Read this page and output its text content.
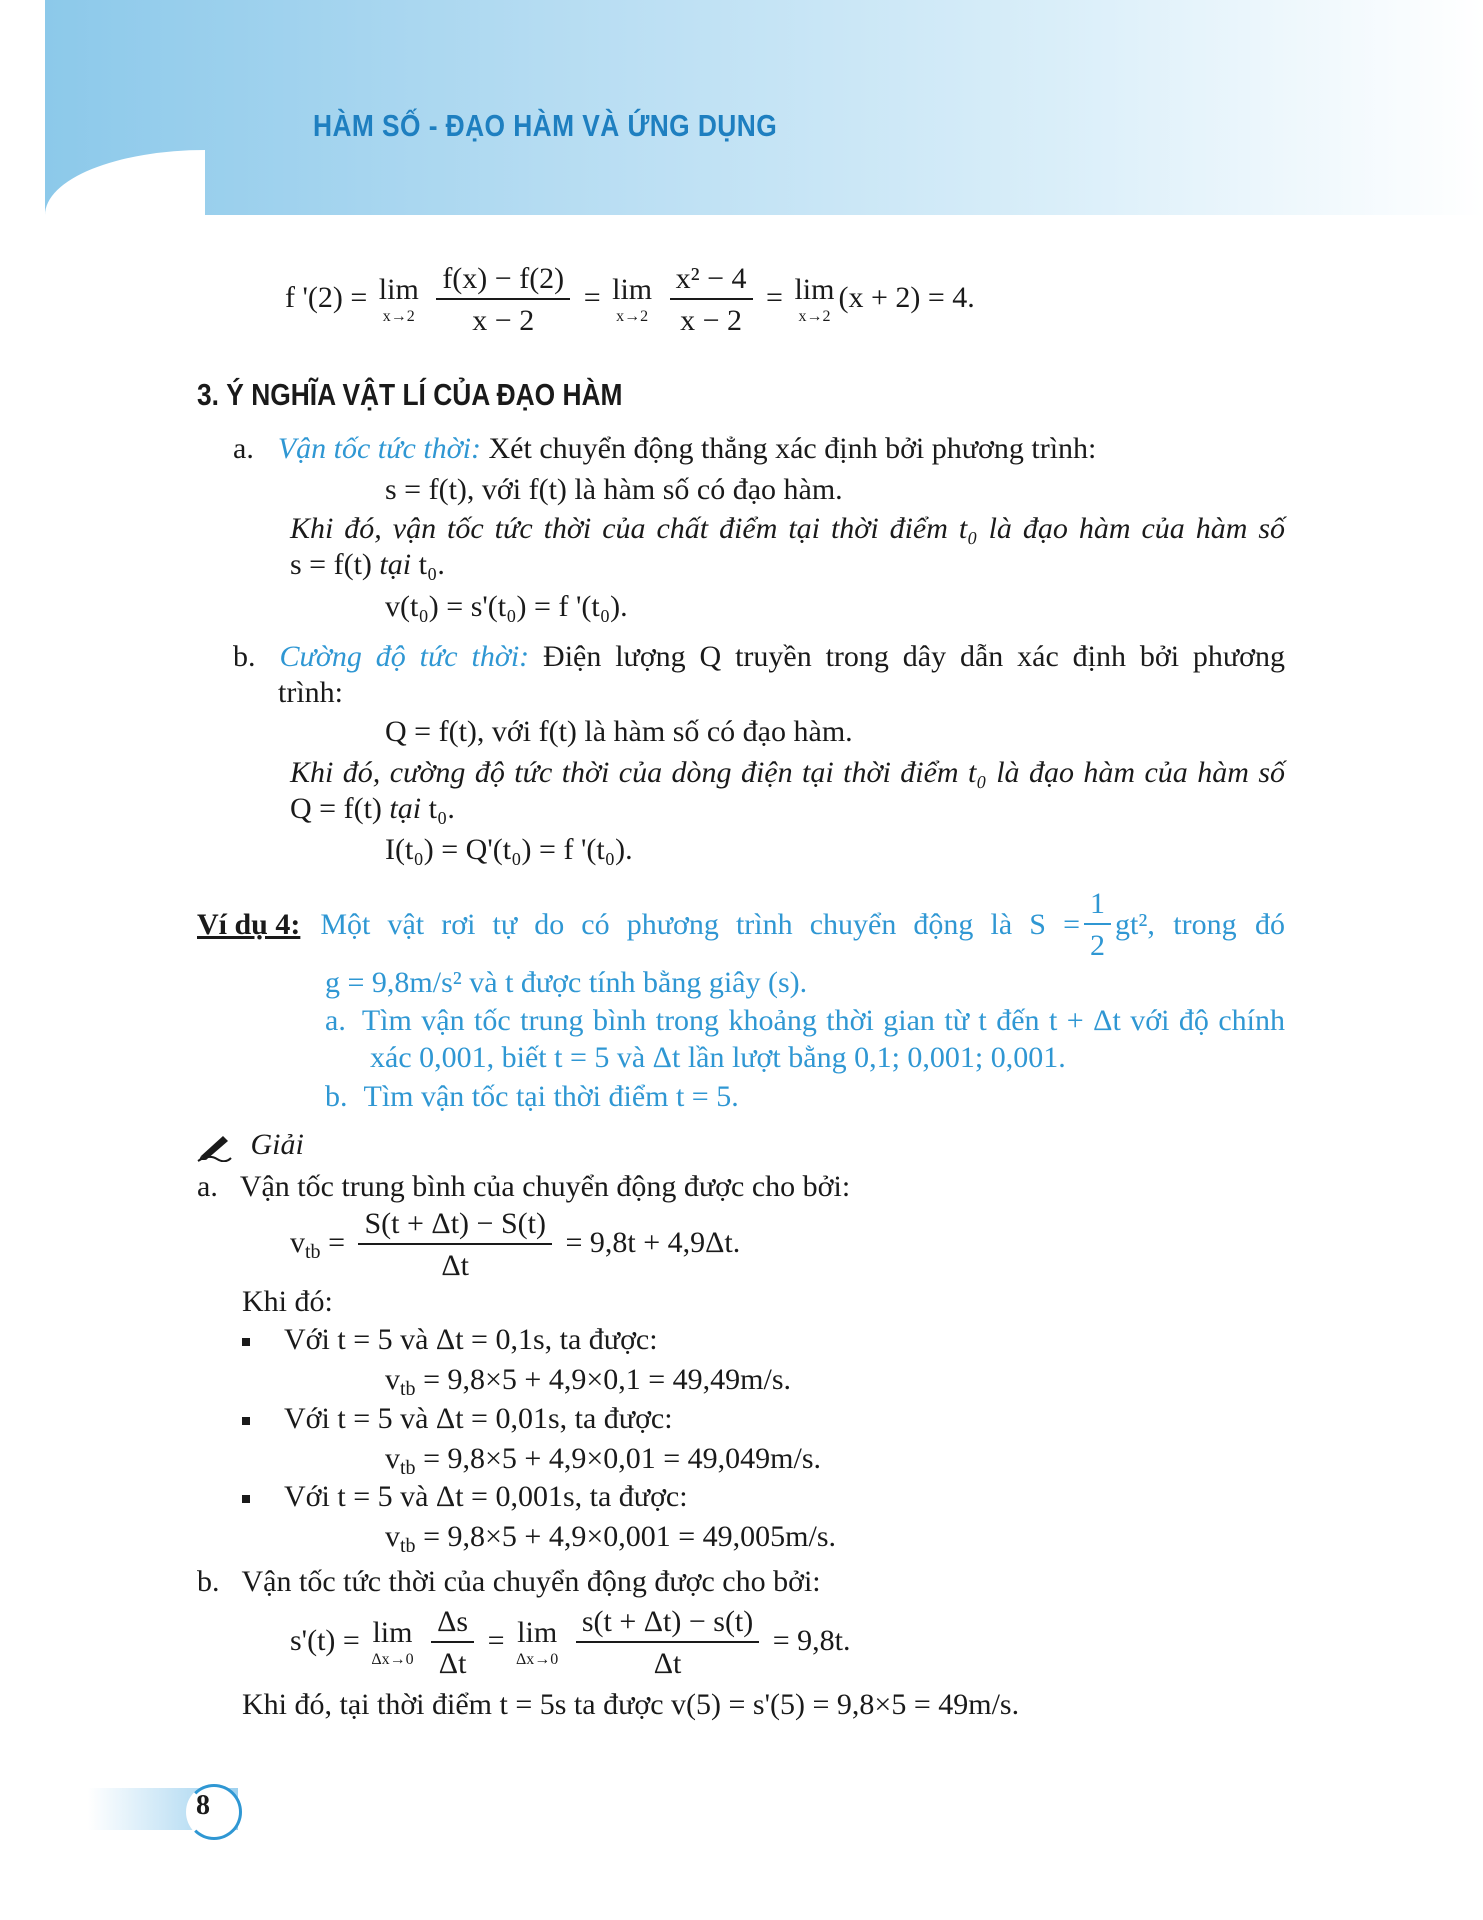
HÀM SỐ - ĐẠO HÀM VÀ ỨNG DỤNG
f '(2) = lim
x→2
$\frac{f(x) - f(2)}{x - 2} = \lim$
x→2
$\frac{\text{x² − 4}}{x - 2} = \lim$
x→2
(x + 2) = 4.
3. Ý NGHĨA VẬT LÍ CỦA ĐẠO HÀM
a. Vận tốc tức thời: Xét chuyển động thẳng xác định bởi phương trình:
s = f(t), với f(t) là hàm số có đạo hàm.
Khi đó, vận tốc tức thời của chất điểm tại thời điểm t₀ là đạo hàm của hàm số
s = f(t) tại t₀.
v(t₀) = s'(t₀) = f '(t₀).
b. Cường độ tức thời: Điện lượng Q truyền trong dây dẫn xác định bởi phương
trình:
Q = f(t), với f(t) là hàm số có đạo hàm.
Khi đó, cường độ tức thời của dòng điện tại thời điểm t₀ là đạo hàm của hàm số
Q = f(t) tại t₀.
I(t₀) = Q'(t₀) = f '(t₀).
Ví dụ 4: Một vật rơi tự do có phương trình chuyển động là $S = \frac{1}{2} gt^2$, trong đó
g = 9,8m/s² và t được tính bằng giây (s).
a. Tìm vận tốc trung bình trong khoảng thời gian từ t đến t + Δt với độ chính
xác 0,001, biết t = 5 và Δt lần lượt bằng 0,1; 0,001; 0,001.
b. Tìm vận tốc tại thời điểm t = 5.
Giải
a. Vận tốc trung bình của chuyển động được cho bởi:
$v_{tb} = \frac{S(t + \Delta t) - S(t)}{\Delta t} = 9,8t + 4,9\Delta t$.
Khi đó:
Với t = 5 và Δt = 0,1s, ta được:
$v_{tb} = 9,8\times 5 + 4,9\times 0,1 = 49,49m/s$.
Với t = 5 và Δt = 0,01s, ta được:
$v_{tb} = 9,8\times 5 + 4,9\times 0,01 = 49,049m/s$.
Với t = 5 và Δt = 0,001s, ta được:
$v_{tb} = 9,8\times 5 + 4,9\times 0,001 = 49,005m/s$.
b. Vận tốc tức thời của chuyển động được cho bởi:
s'(t) = lim
Δx→0
$\frac{\Delta s}{\Delta t} = \lim$
Δx→0
$\frac{s(t + \Delta t) - s(t)}{\Delta t} = 9,8t$.
Khi đó, tại thời điểm t = 5s ta được v(5) = s'(5) = 9,8×5 = 49m/s.
8
